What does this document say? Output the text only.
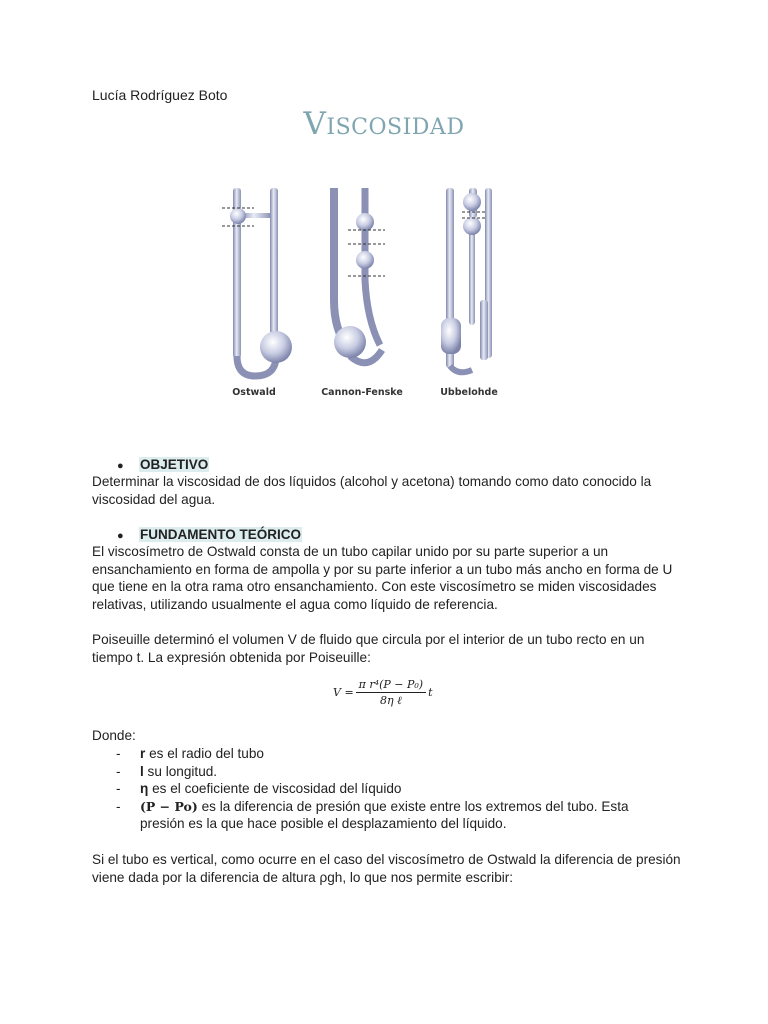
Lucía Rodríguez Boto
Viscosidad
Ostwald	Cannon-Fenske	Ubbelohde
● OBJETIVO
Determinar la viscosidad de dos líquidos (alcohol y acetona) tomando como dato conocido la viscosidad del agua.
● FUNDAMENTO TEÓRICO
El viscosímetro de Ostwald consta de un tubo capilar unido por su parte superior a un ensanchamiento en forma de ampolla y por su parte inferior a un tubo más ancho en forma de U que tiene en la otra rama otro ensanchamiento. Con este viscosímetro se miden viscosidades relativas, utilizando usualmente el agua como líquido de referencia.
Poiseuille determinó el volumen V de fluido que circula por el interior de un tubo recto en un tiempo t. La expresión obtenida por Poiseuille:
$V = \frac{\text{π r⁴(P − P₀)}}{\text{8η ℓ}}$ t
Donde:
- r es el radio del tubo
- l su longitud.
- η es el coeficiente de viscosidad del líquido
- (P − Po) es la diferencia de presión que existe entre los extremos del tubo. Esta presión es la que hace posible el desplazamiento del líquido.
Si el tubo es vertical, como ocurre en el caso del viscosímetro de Ostwald la diferencia de presión viene dada por la diferencia de altura ρgh, lo que nos permite escribir:
